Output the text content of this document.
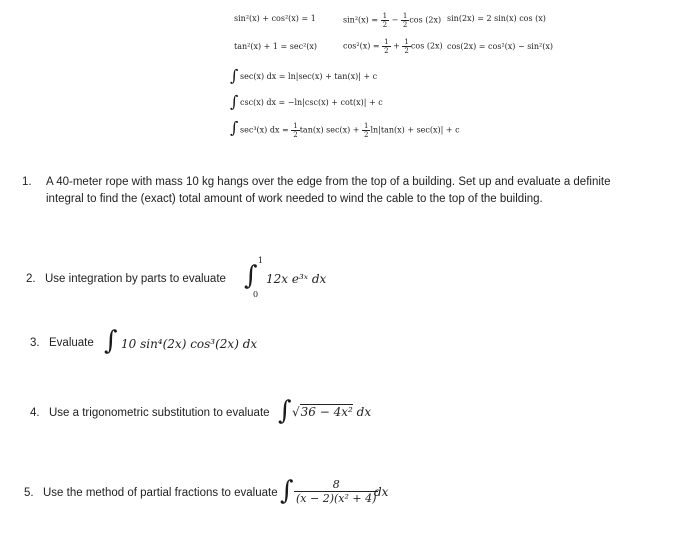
sin²(x) + cos²(x) = 1	$\sin^2(x) = \frac{1}{2} - \frac{1}{2}$ cos (2x) sin(2x) = 2 sin(x) cos (x)
tan²(x) + 1 = sec²(x)	$\cos^2(x) = \frac{1}{2} + \frac{1}{2}$ cos (2x) cos(2x) = cos²(x) − sin²(x)
∫ sec(x) dx = ln|sec(x) + tan(x)| + c
∫ csc(x) dx = −ln|csc(x) + cot(x)| + c
∫ sec³(x) dx = $\frac{1}{2} \tan(x) \sec(x) + \frac{1}{2} \ln|\tan(x) + \sec(x)| + c$
1. A 40-meter rope with mass 10 kg hangs over the edge from the top of a building. Set up and evaluate a definite integral to find the (exact) total amount of work needed to wind the cable to the top of the building.
2. Use integration by parts to evaluate ∫
1
0
12x e³ˣ dx
3. Evaluate ∫ 10 sin⁴(2x) cos³(2x) dx
4. Use a trigonometric substitution to evaluate ∫ √36 − 4x² dx
5. Use the method of partial fractions to evaluate ∫ $\frac{8}{\text{(x − 2)(x² + 4)}}$
dx
